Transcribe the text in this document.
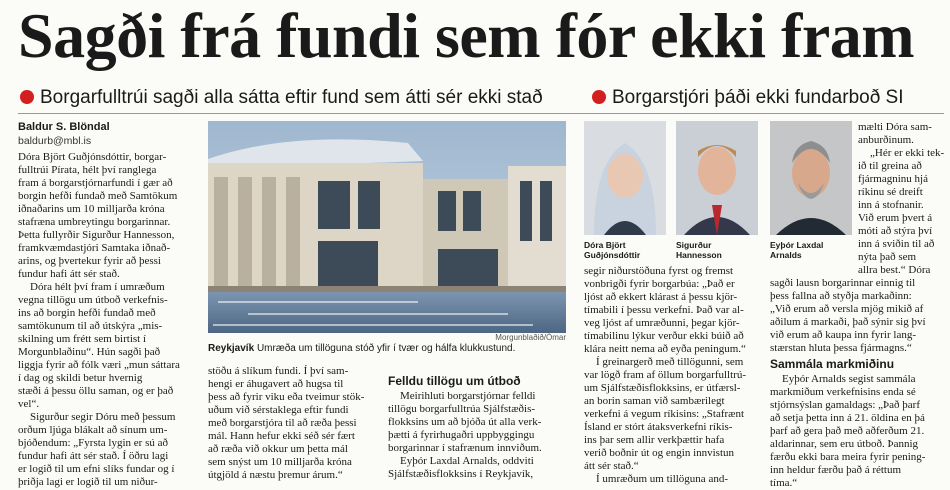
Sagði frá fundi sem fór ekki fram
Borgarfulltrúi sagði alla sátta eftir fund sem átti sér ekki stað	Borgarstjóri þáði ekki fundarboð SI
Baldur S. Blöndal
baldurb@mbl.is
Dóra Björt Guðjónsdóttir, borgar-
fulltrúi Pírata, hélt því ranglega
fram á borgarstjórnarfundi í gær að
borgin hefði fundað með Samtökum
iðnaðarins um 10 milljarða króna
stafræna umbreytingu borgarinnar.
Þetta fullyrðir Sigurður Hannesson,
framkvæmdastjóri Samtaka iðnað-
arins, og þvertekur fyrir að þessi
fundur hafi átt sér stað.
Dóra hélt því fram í umræðum
vegna tillögu um útboð verkefnis-
ins að borgin hefði fundað með
samtökunum til að útskýra „mis-
skilning um frétt sem birtist í
Morgunblaðinu“. Hún sagði það
liggja fyrir að fólk væri „mun sáttara
í dag og skildi betur hvernig
stæði á þessu öllu saman, og er það
vel“.
Sigurður segir Dóru með þessum
orðum ljúga blákalt að sínum um-
bjóðendum: „Fyrsta lygin er sú að
fundur hafi átt sér stað. Í öðru lagi
er logið til um efni slíks fundar og í
þriðja lagi er logið til um niður-
Morgunblaðið/Ómar
Reykjavík Umræða um tillöguna stóð yfir í tvær og hálfa klukkustund.
stöðu á slíkum fundi. Í því sam-
hengi er áhugavert að hugsa til
þess að fyrir viku eða tveimur stök-
uðum við sérstaklega eftir fundi
með borgarstjóra til að ræða þessi
mál. Hann hefur ekki séð sér fært
að ræða við okkur um þetta mál
sem snýst um 10 milljarða króna
útgjöld á næstu þremur árum.“
Felldu tillögu um útboð
Meirihluti borgarstjórnar felldi
tillögu borgarfulltrúa Sjálfstæðis-
flokksins um að bjóða út alla verk-
þætti á fyrirhugaðri uppbyggingu
borgarinnar í stafrænum innviðum.
Eyþór Laxdal Arnalds, oddviti
Sjálfstæðisflokksins í Reykjavík,
Dóra Björt
Guðjónsdóttir
Sigurður
Hannesson
Eyþór Laxdal
Arnalds
segir niðurstöðuna fyrst og fremst
vonbrigði fyrir borgarbúa: „Það er
ljóst að ekkert klárast á þessu kjör-
tímabili í þessu verkefni. Það var al-
veg ljóst af umræðunni, þegar kjör-
tímabilinu lýkur verður ekki búið að
klára neitt nema að eyða peningum.“
Í greinargerð með tillögunni, sem
var lögð fram af öllum borgarfulltrú-
um Sjálfstæðisflokksins, er útfærsl-
an borin saman við sambærilegt
verkefni á vegum ríkisins: „Stafrænt
Ísland er stórt átaksverkefni ríkis-
ins þar sem allir verkþættir hafa
verið boðnir út og engin innvistun
átt sér stað.“
Í umræðum um tillöguna and-
mælti Dóra sam-
anburðinum.
„Hér er ekki tek-
ið til greina að
fjármagninu hjá
ríkinu sé dreift
inn á stofnanir.
Við erum þvert á
móti að stýra því
inn á sviðin til að
nýta það sem
allra best.“ Dóra
sagði lausn borgarinnar einnig til
þess fallna að styðja markaðinn:
„Við erum að versla mjög mikið af
aðilum á markaði, það sýnir sig því
við erum að kaupa inn fyrir lang-
stærstan hluta þessa fjármagns.“
Sammála markmiðinu
Eyþór Arnalds segist sammála
markmiðum verkefnisins enda sé
stjórnsýslan gamaldags: „Það þarf
að setja þetta inn á 21. öldina en þá
þarf að gera það með aðferðum 21.
aldarinnar, sem eru útboð. Þannig
færðu ekki bara meira fyrir pening-
inn heldur færðu það á réttum
tíma.“
